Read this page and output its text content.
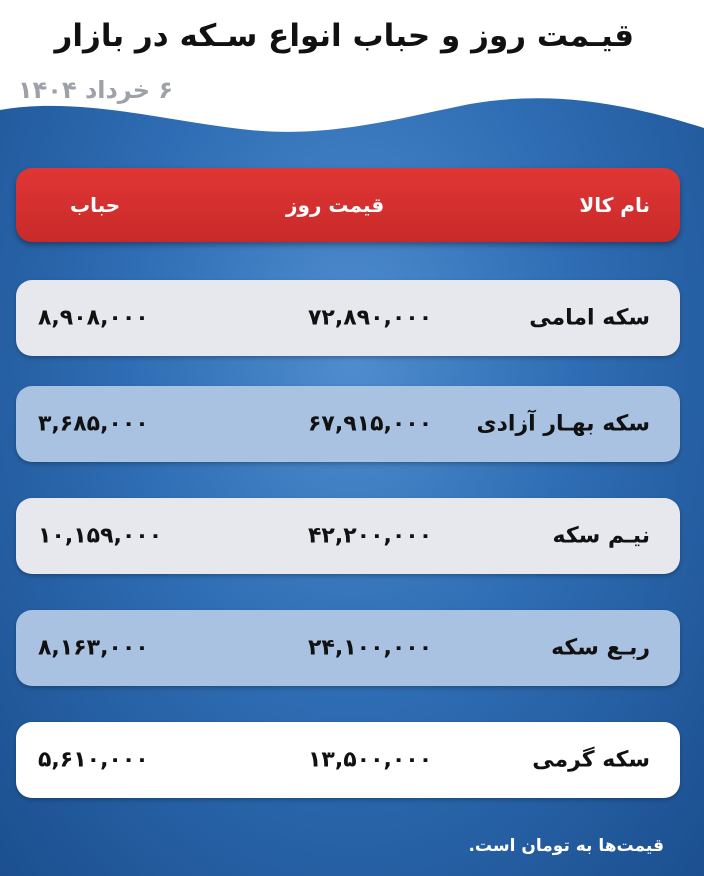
قیـمت روز و حباب انواع سـکه در بازار
۶ خرداد ۱۴۰۴
نام کالا
قیمت روز
حباب
سکه امامی
۷۲,۸۹۰,۰۰۰
۸,۹۰۸,۰۰۰
سکه بهـار آزادی
۶۷,۹۱۵,۰۰۰
۳,۶۸۵,۰۰۰
نیـم سکه
۴۲,۲۰۰,۰۰۰
۱۰,۱۵۹,۰۰۰
ربـع سکه
۲۴,۱۰۰,۰۰۰
۸,۱۶۳,۰۰۰
سکه گرمی
۱۳,۵۰۰,۰۰۰
۵,۶۱۰,۰۰۰
قیمت‌ها به تومان است.
